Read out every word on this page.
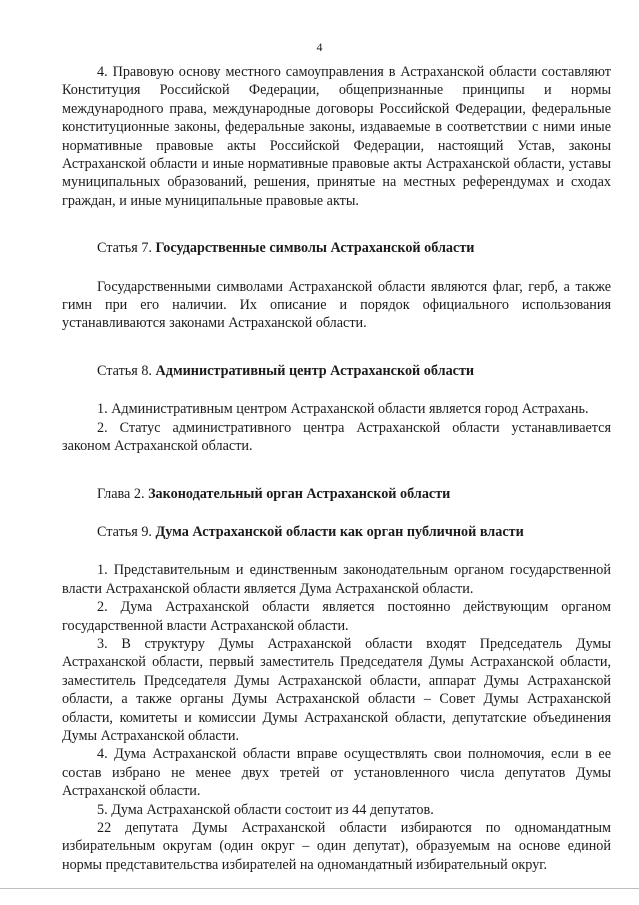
4

4. Правовую основу местного самоуправления в Астраханской области составляют Конституция Российской Федерации, общепризнанные принципы и нормы международного права, международные договоры Российской Федерации, федеральные конституционные законы, федеральные законы, издаваемые в соответствии с ними иные нормативные правовые акты Российской Федерации, настоящий Устав, законы Астраханской области и иные нормативные правовые акты Астраханской области, уставы муниципальных образований, решения, принятые на местных референдумах и сходах граждан, и иные муниципальные правовые акты.

Статья 7. Государственные символы Астраханской области

Государственными символами Астраханской области являются флаг, герб, а также гимн при его наличии. Их описание и порядок официального использования устанавливаются законами Астраханской области.

Статья 8. Административный центр Астраханской области

1. Административным центром Астраханской области является город Астрахань.

2. Статус административного центра Астраханской области устанавливается законом Астраханской области.

Глава 2. Законодательный орган Астраханской области

Статья 9. Дума Астраханской области как орган публичной власти

1. Представительным и единственным законодательным органом государственной власти Астраханской области является Дума Астраханской области.

2. Дума Астраханской области является постоянно действующим органом государственной власти Астраханской области.

3. В структуру Думы Астраханской области входят Председатель Думы Астраханской области, первый заместитель Председателя Думы Астраханской области, заместитель Председателя Думы Астраханской области, аппарат Думы Астраханской области, а также органы Думы Астраханской области – Совет Думы Астраханской области, комитеты и комиссии Думы Астраханской области, депутатские объединения Думы Астраханской области.

4. Дума Астраханской области вправе осуществлять свои полномочия, если в ее состав избрано не менее двух третей от установленного числа депутатов Думы Астраханской области.

5. Дума Астраханской области состоит из 44 депутатов.

22 депутата Думы Астраханской области избираются по одномандатным избирательным округам (один округ – один депутат), образуемым на основе единой нормы представительства избирателей на одномандатный избирательный округ.
